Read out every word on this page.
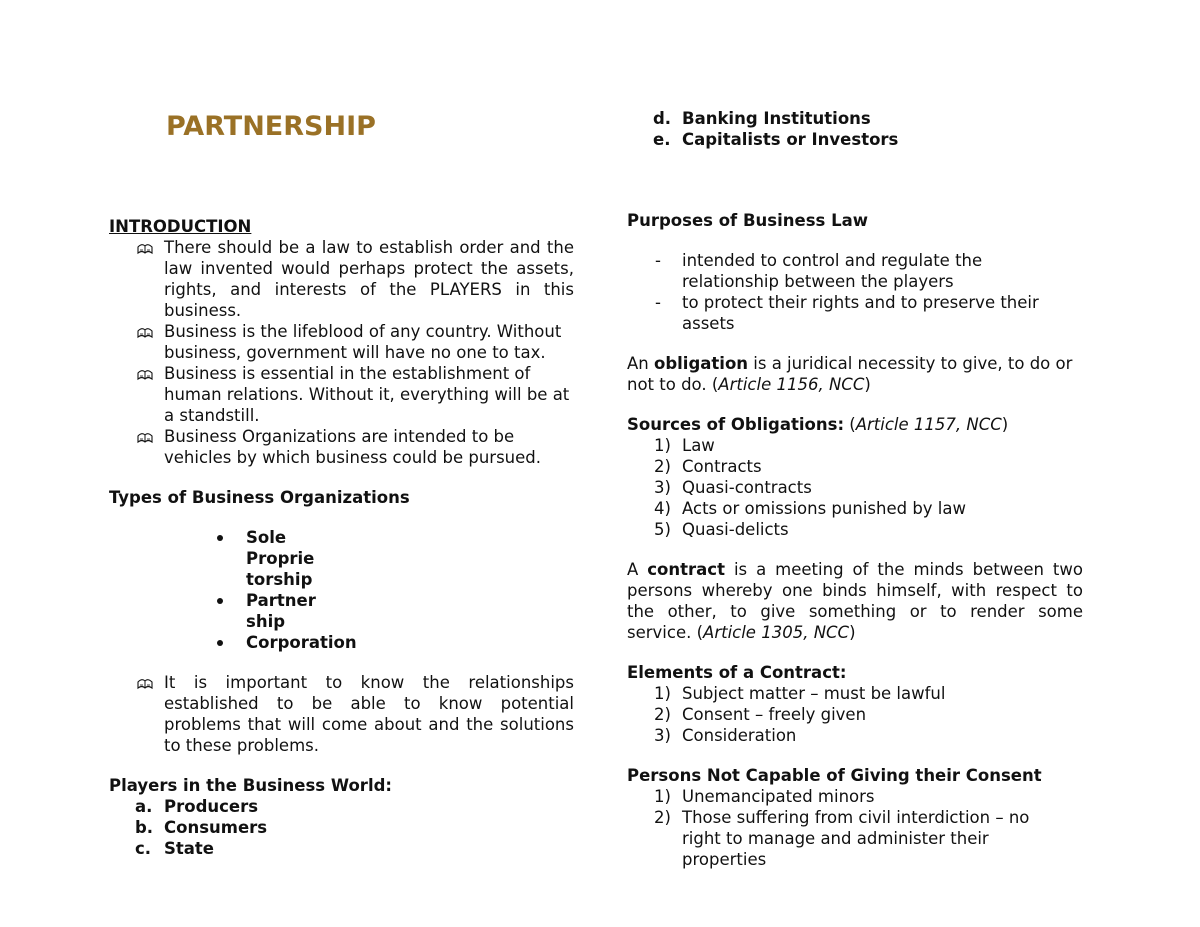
PARTNERSHIP
INTRODUCTION
There should be a law to establish order and the law invented would perhaps protect the assets, rights, and interests of the PLAYERS in this business.
Business is the lifeblood of any country. Without business, government will have no one to tax.
Business is essential in the establishment of human relations. Without it, everything will be at a standstill.
Business Organizations are intended to be vehicles by which business could be pursued.
Types of Business Organizations
Sole Proprie torship
Partner ship
Corporation
It is important to know the relationships established to be able to know potential problems that will come about and the solutions to these problems.
Players in the Business World:
a. Producers
b. Consumers
c. State
d. Banking Institutions
e. Capitalists or Investors
Purposes of Business Law
- intended to control and regulate the relationship between the players
- to protect their rights and to preserve their assets
An obligation is a juridical necessity to give, to do or not to do. (Article 1156, NCC)
Sources of Obligations: (Article 1157, NCC)
1) Law
2) Contracts
3) Quasi-contracts
4) Acts or omissions punished by law
5) Quasi-delicts
A contract is a meeting of the minds between two persons whereby one binds himself, with respect to the other, to give something or to render some service. (Article 1305, NCC)
Elements of a Contract:
1) Subject matter – must be lawful
2) Consent – freely given
3) Consideration
Persons Not Capable of Giving their Consent
1) Unemancipated minors
2) Those suffering from civil interdiction – no right to manage and administer their properties
